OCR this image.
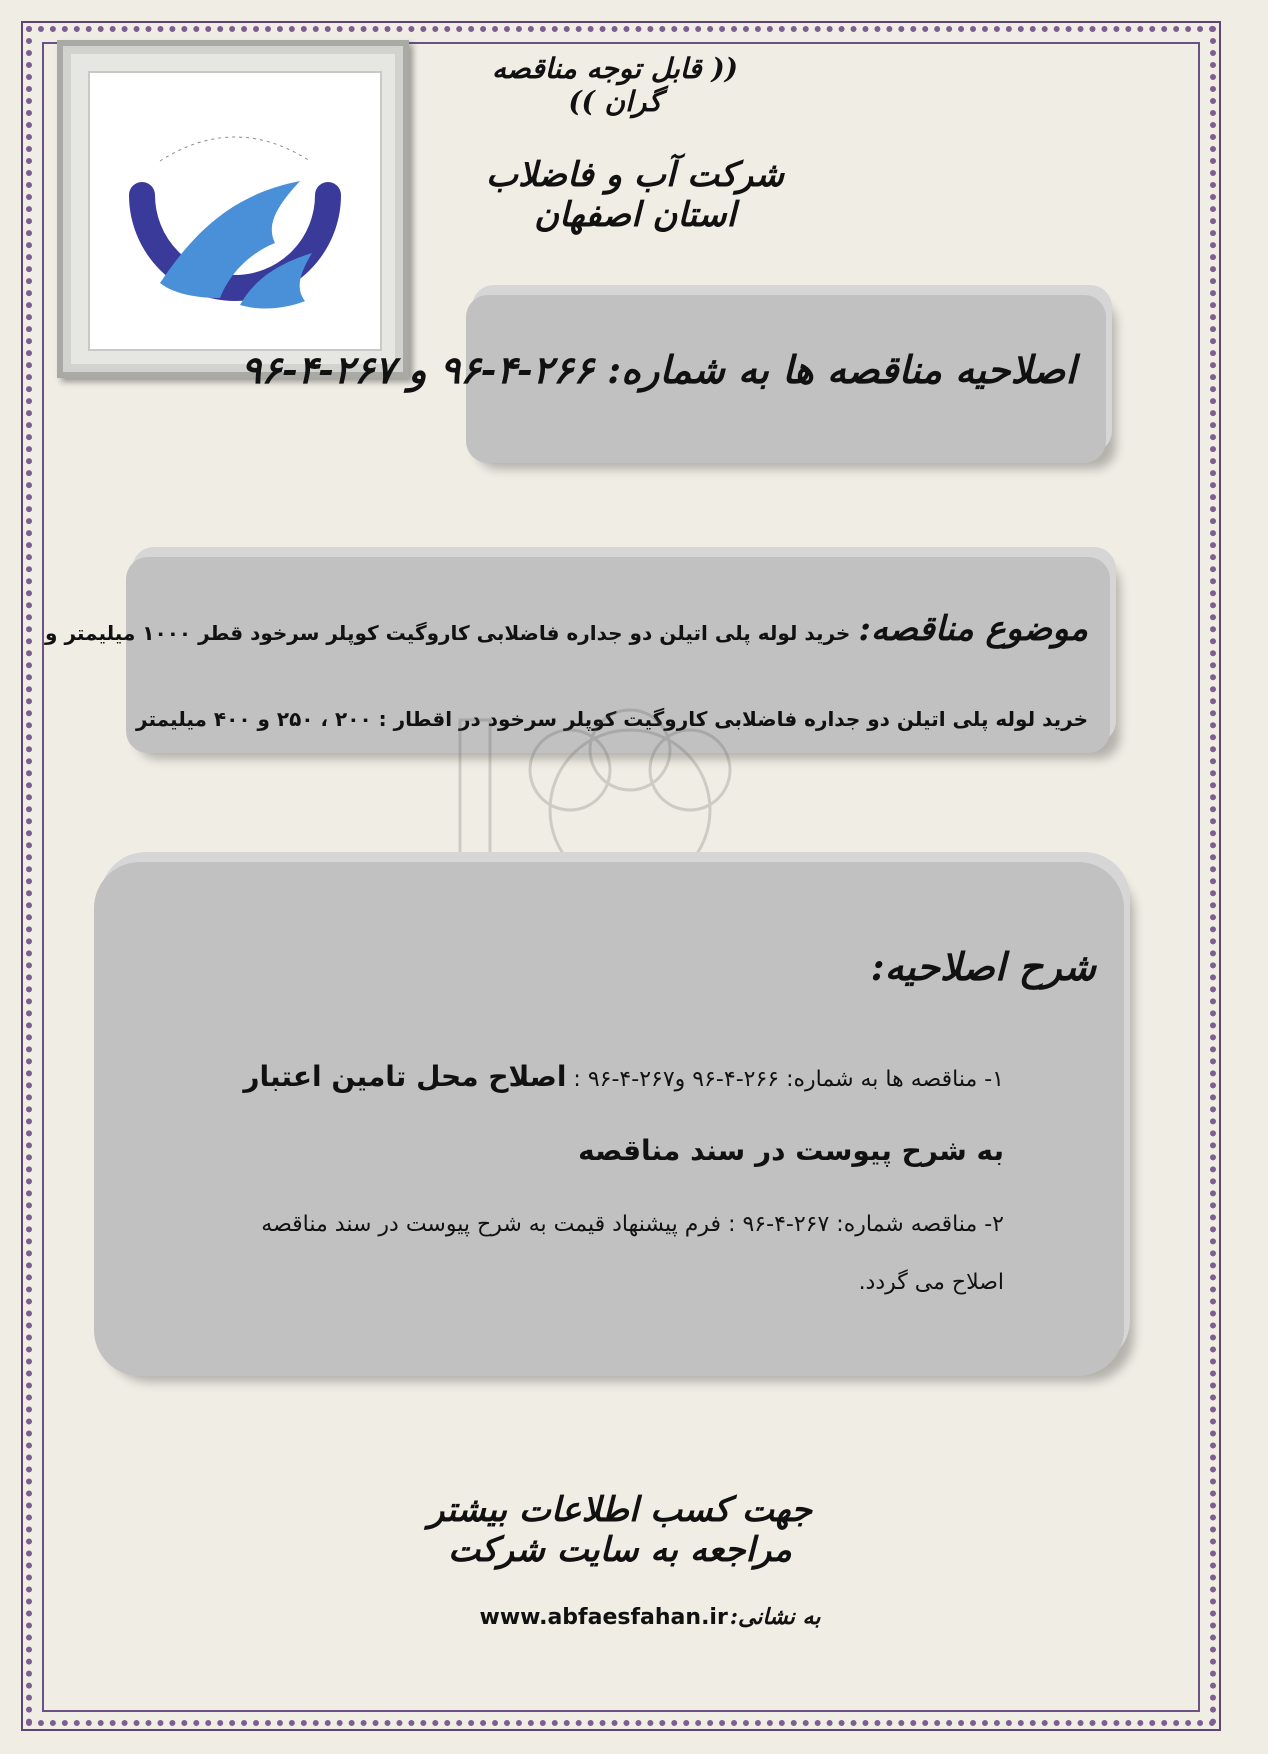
(( قابل توجه مناقصه گران ))
شرکت آب و فاضلاب استان اصفهان
اصلاحیه مناقصه ها به شماره: ۲۶۶-۴-۹۶ و ۲۶۷-۴-۹۶
موضوع مناقصه:خرید لوله پلی اتیلن دو جداره فاضلابی کاروگیت کوپلر سرخود قطر ۱۰۰۰ میلیمتر و
خرید لوله پلی اتیلن دو جداره فاضلابی کاروگیت کوپلر سرخود در اقطار : ۲۰۰ ، ۲۵۰ و ۴۰۰ میلیمتر
شرح اصلاحیه:
۱- مناقصه ها به شماره: ۲۶۶-۴-۹۶ و۲۶۷-۴-۹۶ : اصلاح محل تامین اعتبار
به شرح پیوست در سند مناقصه
۲- مناقصه شماره: ۲۶۷-۴-۹۶ : فرم پیشنهاد قیمت به شرح پیوست در سند مناقصه
اصلاح می گردد.
جهت کسب اطلاعات بیشتر مراجعه به سایت شرکت
به نشانی:www.abfaesfahan.ir
